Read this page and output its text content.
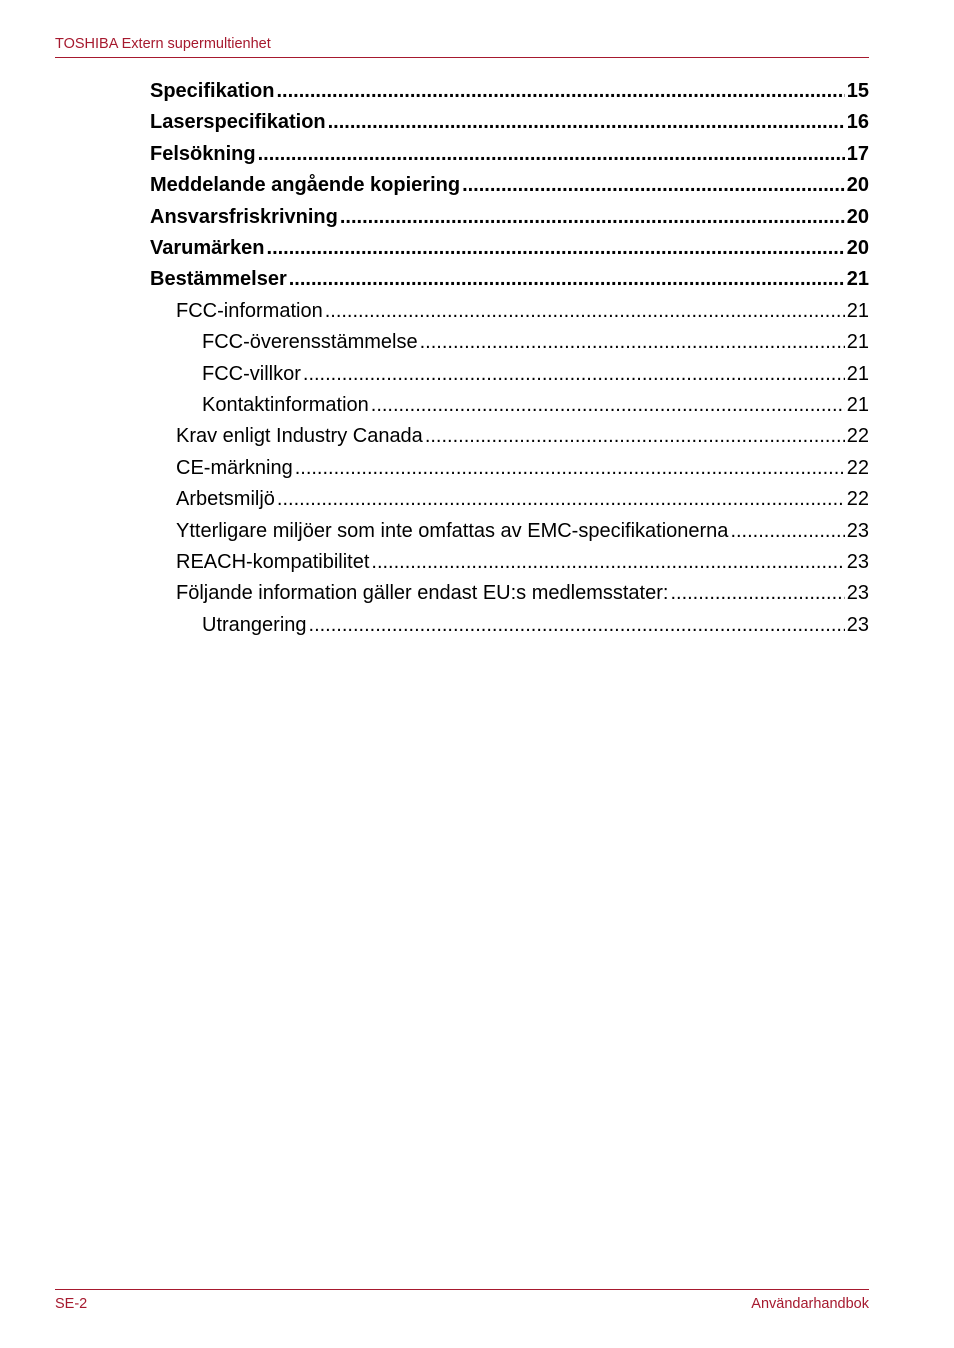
TOSHIBA Extern supermultienhet
Specifikation .....	15
Laserspecifikation .....	16
Felsökning .....	17
Meddelande angående kopiering .....	20
Ansvarsfriskrivning .....	20
Varumärken .....	20
Bestämmelser .....	21
FCC-information .....	21
FCC-överensstämmelse .....	21
FCC-villkor .....	21
Kontaktinformation .....	21
Krav enligt Industry Canada .....	22
CE-märkning .....	22
Arbetsmiljö .....	22
Ytterligare miljöer som inte omfattas av EMC-specifikationerna .....	23
REACH-kompatibilitet .....	23
Följande information gäller endast EU:s medlemsstater: .....	23
Utrangering .....	23
SE-2	Användarhandbok
